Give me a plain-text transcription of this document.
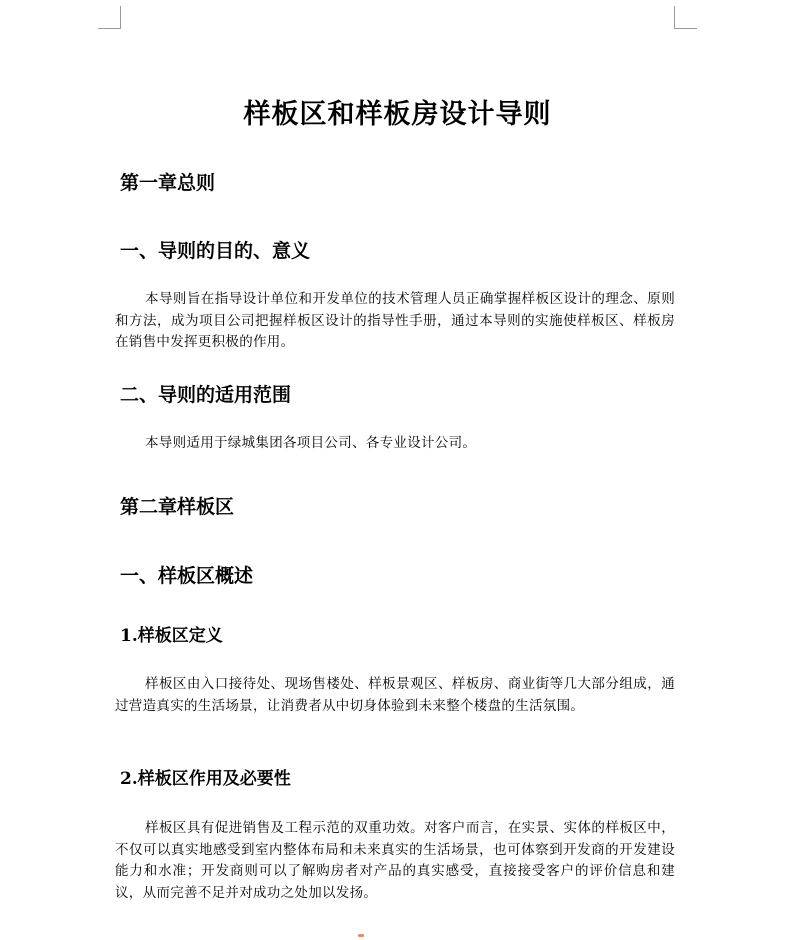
样板区和样板房设计导则
第一章总则
一、导则的目的、意义
本导则旨在指导设计单位和开发单位的技术管理人员正确掌握样板区设计的理念、原则和方法，成为项目公司把握样板区设计的指导性手册，通过本导则的实施使样板区、样板房在销售中发挥更积极的作用。
二、导则的适用范围
本导则适用于绿城集团各项目公司、各专业设计公司。
第二章样板区
一、样板区概述
1.样板区定义
样板区由入口接待处、现场售楼处、样板景观区、样板房、商业街等几大部分组成，通过营造真实的生活场景，让消费者从中切身体验到未来整个楼盘的生活氛围。
2.样板区作用及必要性
样板区具有促进销售及工程示范的双重功效。对客户而言，在实景、实体的样板区中，不仅可以真实地感受到室内整体布局和未来真实的生活场景，也可体察到开发商的开发建设能力和水准；开发商则可以了解购房者对产品的真实感受，直接接受客户的评价信息和建议，从而完善不足并对成功之处加以发扬。
